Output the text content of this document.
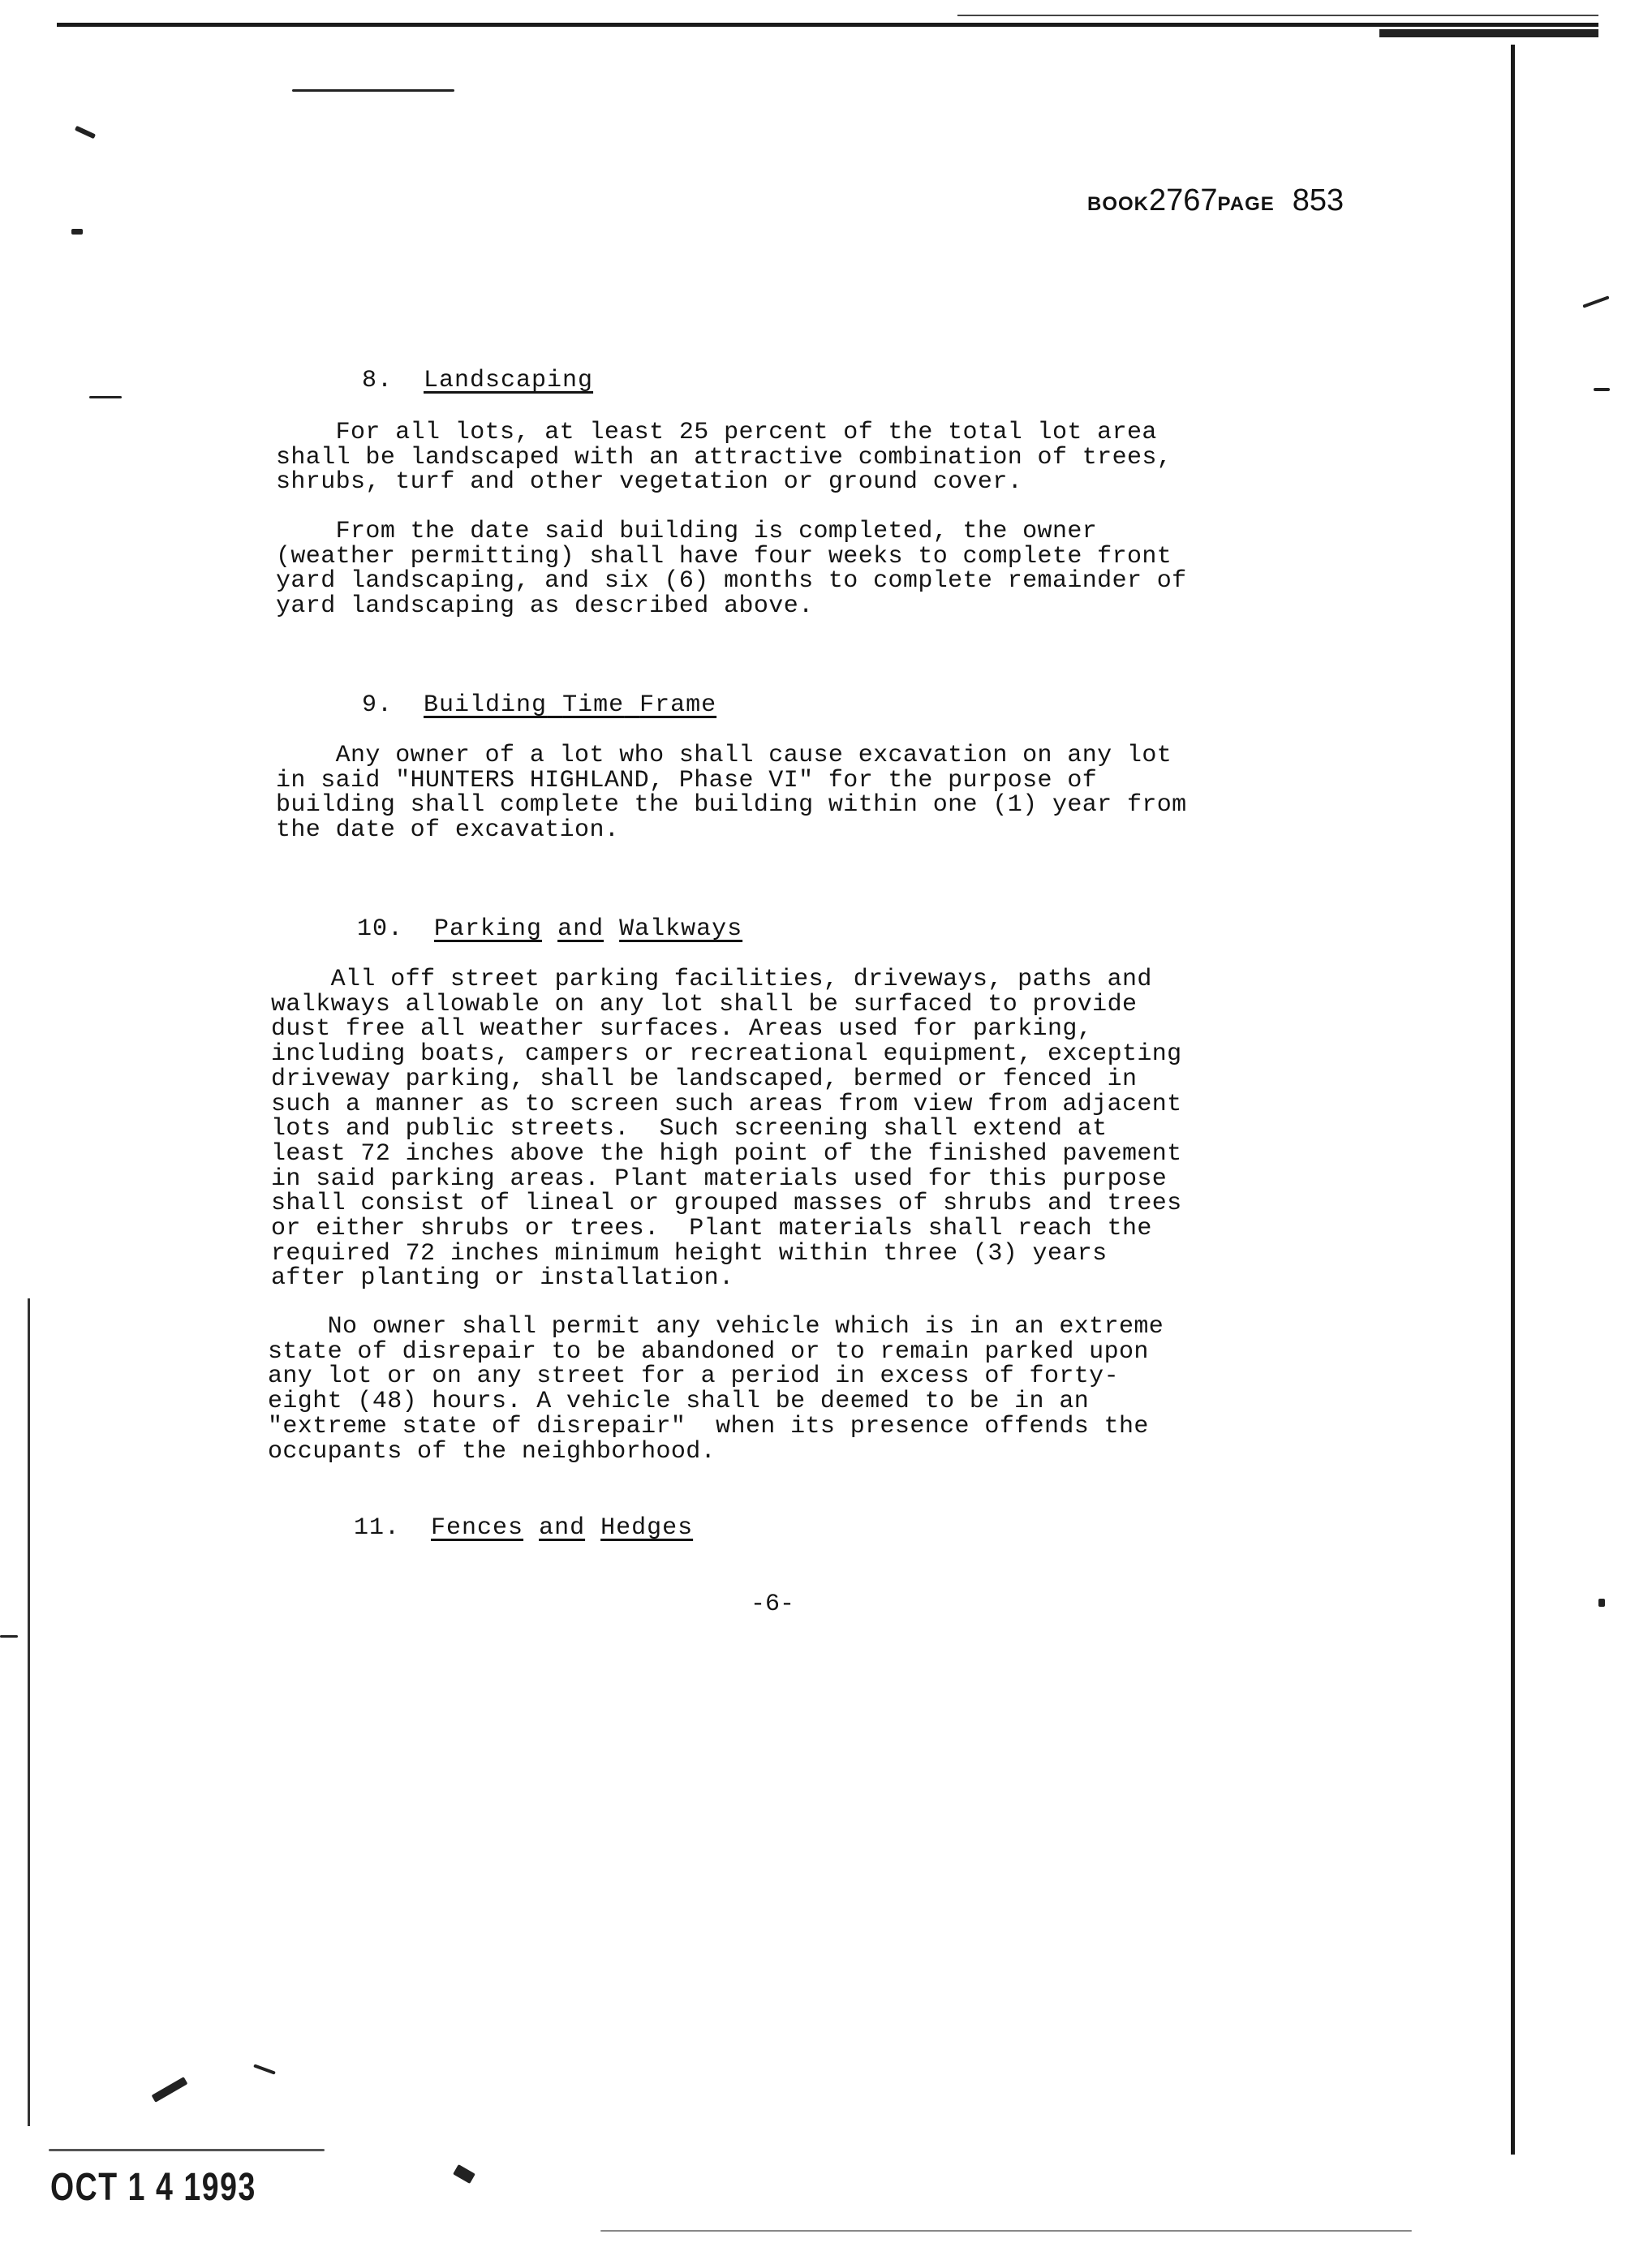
BOOK2767PAGE 853
8. Landscaping
For all lots, at least 25 percent of the total lot area
shall be landscaped with an attractive combination of trees,
shrubs, turf and other vegetation or ground cover.
From the date said building is completed, the owner
(weather permitting) shall have four weeks to complete front
yard landscaping, and six (6) months to complete remainder of
yard landscaping as described above.
9. Building Time Frame
Any owner of a lot who shall cause excavation on any lot
in said "HUNTERS HIGHLAND, Phase VI" for the purpose of
building shall complete the building within one (1) year from
the date of excavation.
10. Parking and Walkways
All off street parking facilities, driveways, paths and
walkways allowable on any lot shall be surfaced to provide
dust free all weather surfaces. Areas used for parking,
including boats, campers or recreational equipment, excepting
driveway parking, shall be landscaped, bermed or fenced in
such a manner as to screen such areas from view from adjacent
lots and public streets.  Such screening shall extend at
least 72 inches above the high point of the finished pavement
in said parking areas. Plant materials used for this purpose
shall consist of lineal or grouped masses of shrubs and trees
or either shrubs or trees.  Plant materials shall reach the
required 72 inches minimum height within three (3) years
after planting or installation.
No owner shall permit any vehicle which is in an extreme
state of disrepair to be abandoned or to remain parked upon
any lot or on any street for a period in excess of forty-
eight (48) hours. A vehicle shall be deemed to be in an
"extreme state of disrepair"  when its presence offends the
occupants of the neighborhood.
11. Fences and Hedges
-6-
OCT 1 4 1993
